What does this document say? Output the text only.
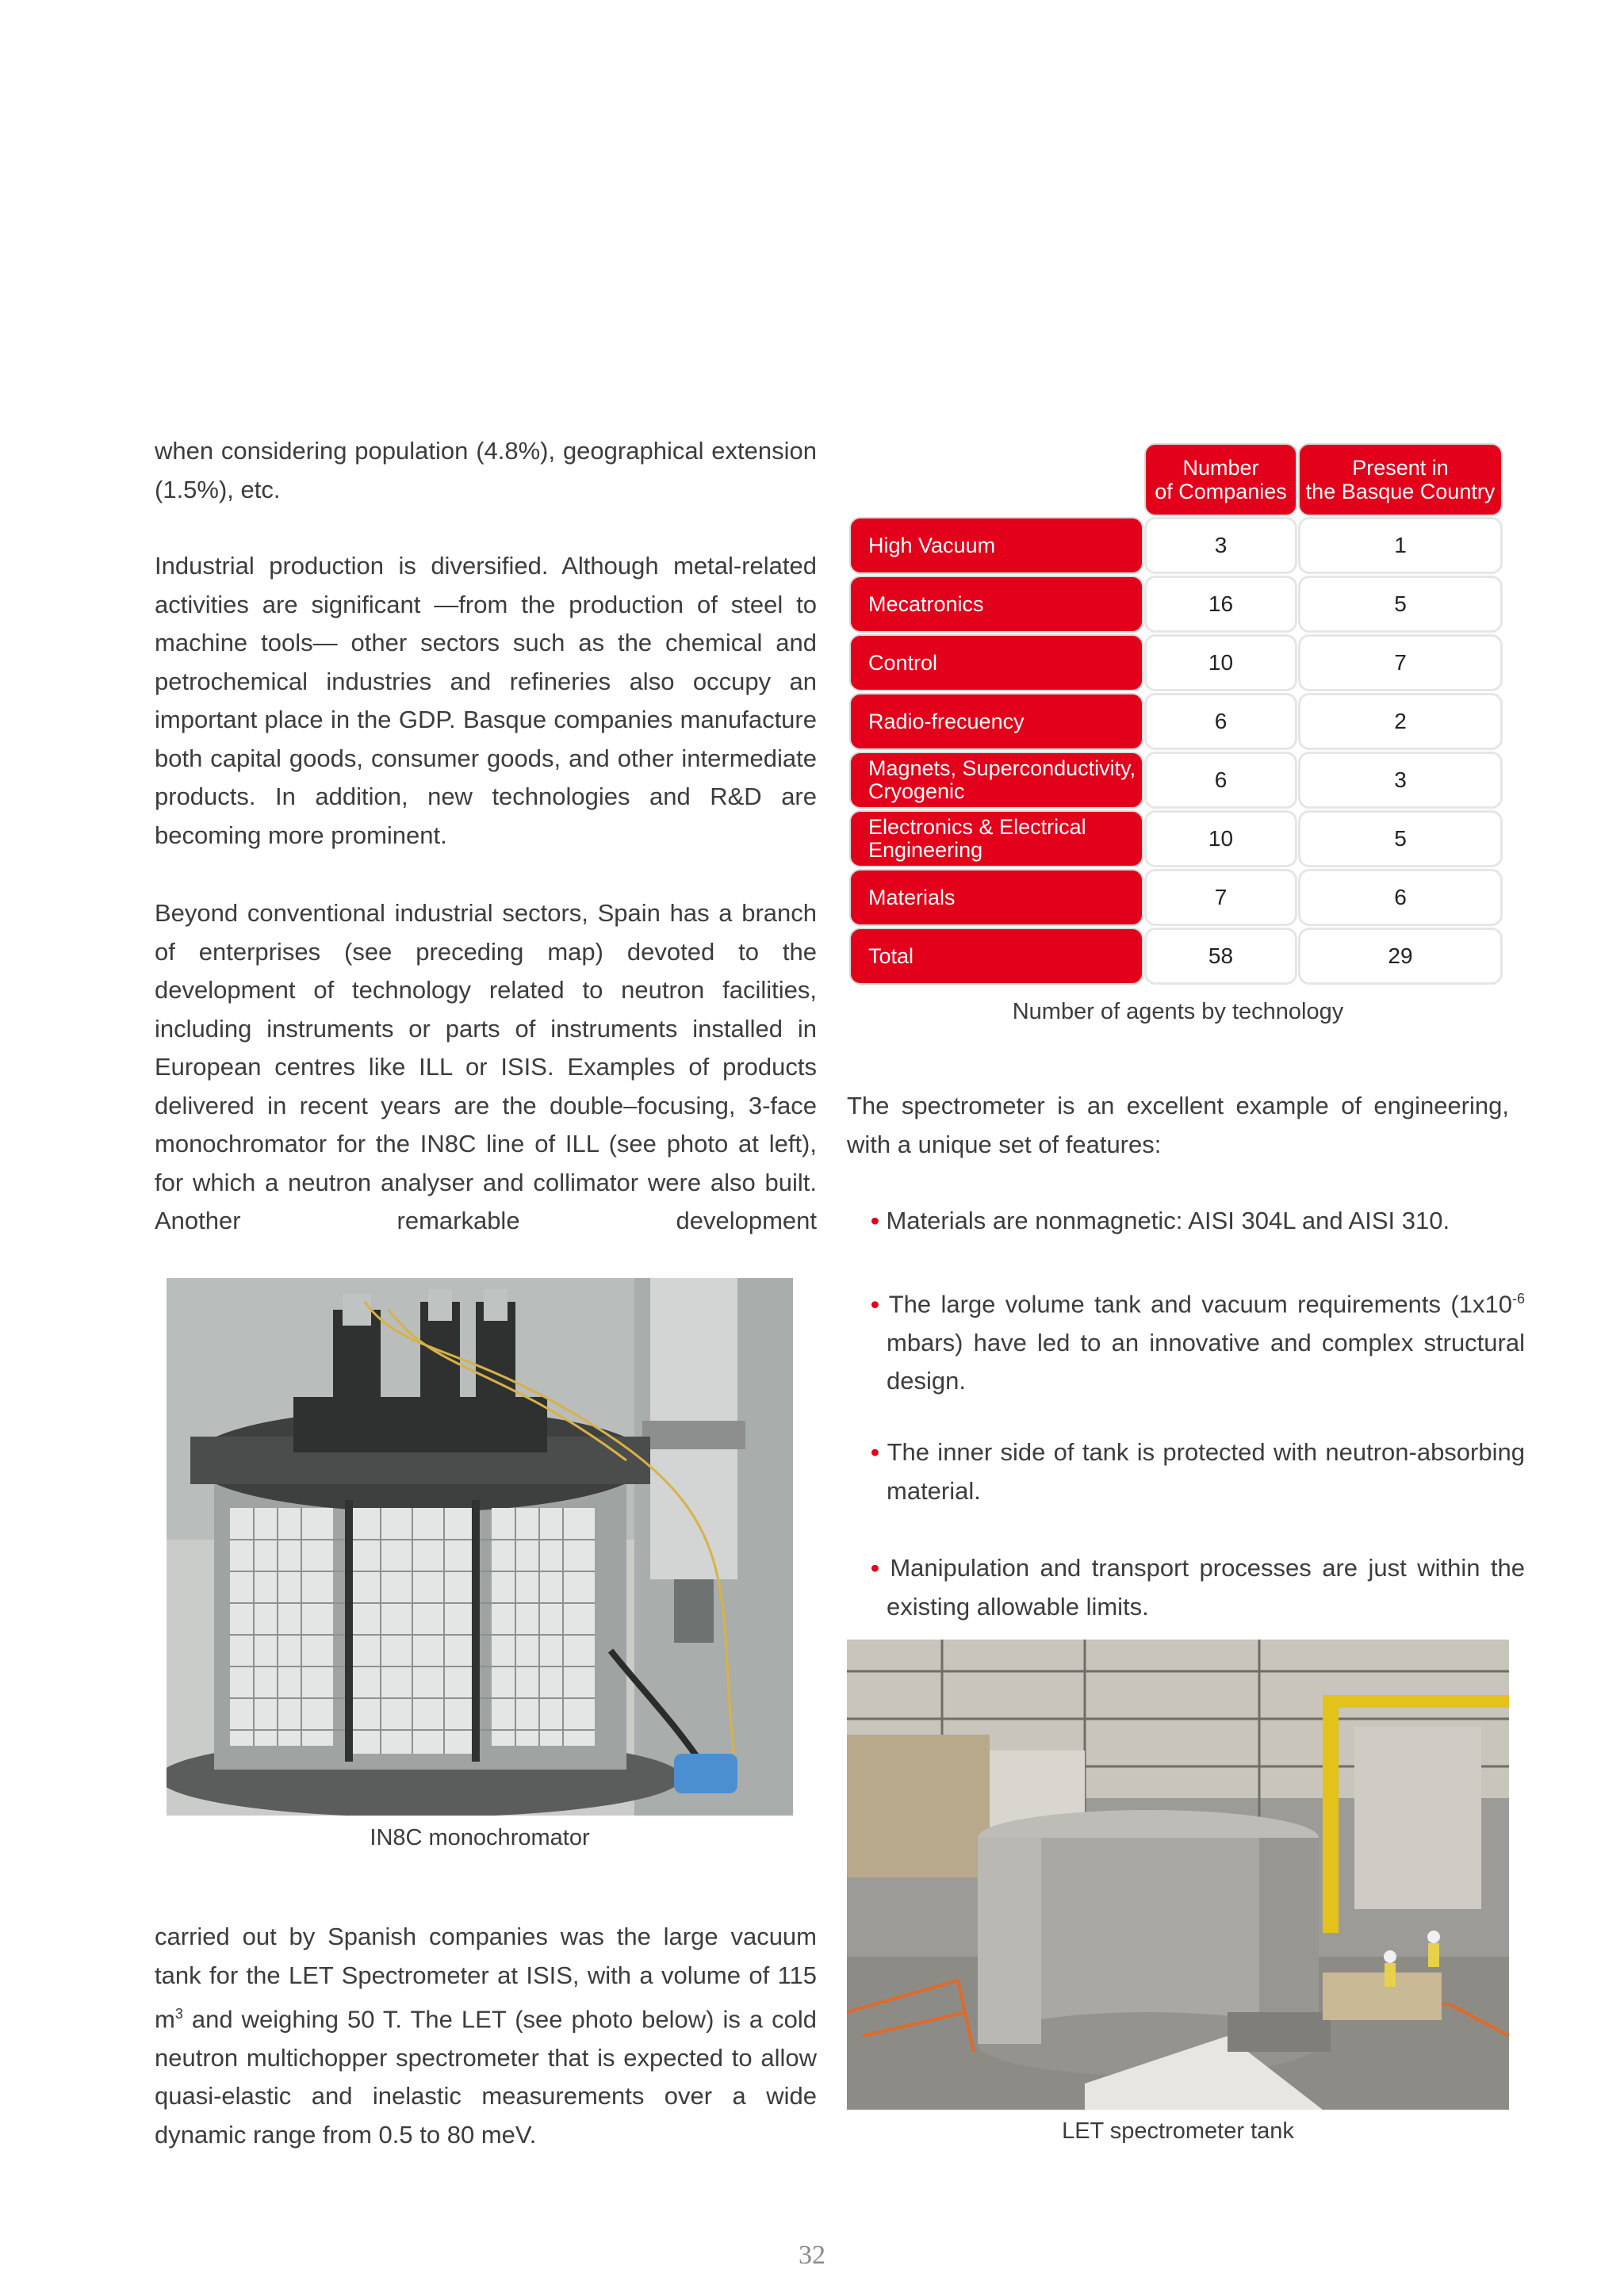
when considering population (4.8%), geographical extension
(1.5%), etc.

Industrial production is diversified. Although metal-related activities are significant —from the production of steel to machine tools— other sectors such as the chemical and petrochemical industries and refineries also occupy an important place in the GDP. Basque companies manufacture both capital goods, consumer goods, and other intermediate products. In addition, new technologies and R&D are becoming more prominent.

Beyond conventional industrial sectors, Spain has a branch of enterprises (see preceding map) devoted to the development of technology related to neutron facilities, including instruments or parts of instruments installed in European centres like ILL or ISIS. Examples of products delivered in recent years are the double–focusing, 3-face monochromator for the IN8C line of ILL (see photo at left), for which a neutron analyser and collimator were also built. Another remarkable development

IN8C monochromator

carried out by Spanish companies was the large vacuum tank for the LET Spectrometer at ISIS, with a volume of 115 $m^3$ and weighing 50 T. The LET (see photo below) is a cold neutron multichopper spectrometer that is expected to allow quasi-elastic and inelastic measurements over a wide dynamic range from 0.5 to 80 meV.

Number
of Companies
Present in
the Basque Country
High Vacuum	3	1
Mecatronics	16	5
Control	10	7
Radio-frecuency	6	2
Magnets, Superconductivity,
Cryogenic	6	3
Electronics & Electrical
Engineering	10	5
Materials	7	6
Total	58	29

Number of agents by technology

The spectrometer is an excellent example of engineering, with a unique set of features:

• Materials are nonmagnetic: AISI 304L and AISI 310.

• The large volume tank and vacuum requirements ($1x10^{-6}$ mbars) have led to an innovative and complex structural design.

• The inner side of tank is protected with neutron-absorbing material.

• Manipulation and transport processes are just within the existing allowable limits.

LET spectrometer tank

32
